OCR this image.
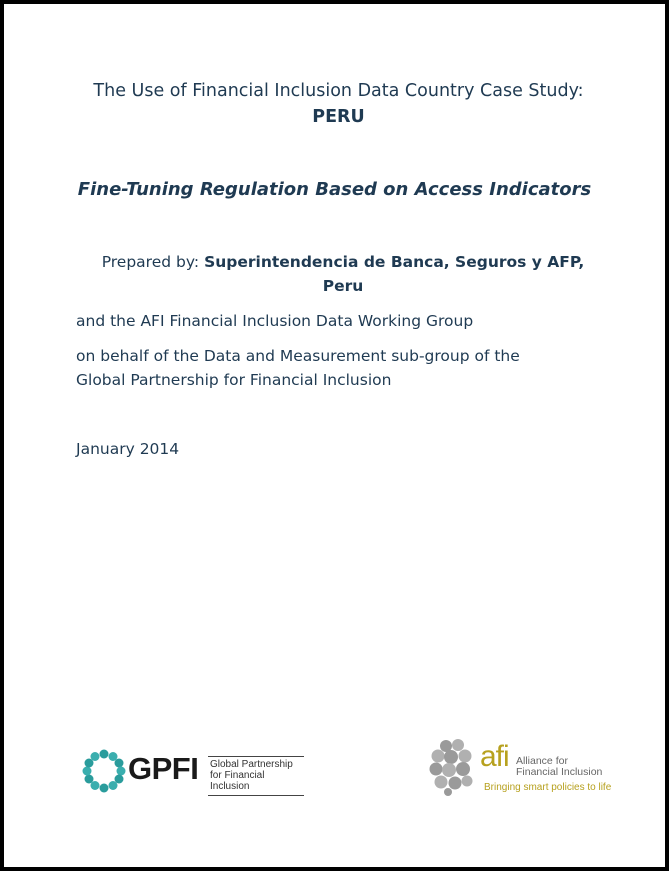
The Use of Financial Inclusion Data Country Case Study:
PERU
Fine-Tuning Regulation Based on Access Indicators
Prepared by: Superintendencia de Banca, Seguros y AFP, Peru
and the AFI Financial Inclusion Data Working Group
on behalf of the Data and Measurement sub-group of the
Global Partnership for Financial Inclusion
January 2014
GPFI Global Partnership
for Financial Inclusion
afi Alliance for
Financial Inclusion
Bringing smart policies to life
